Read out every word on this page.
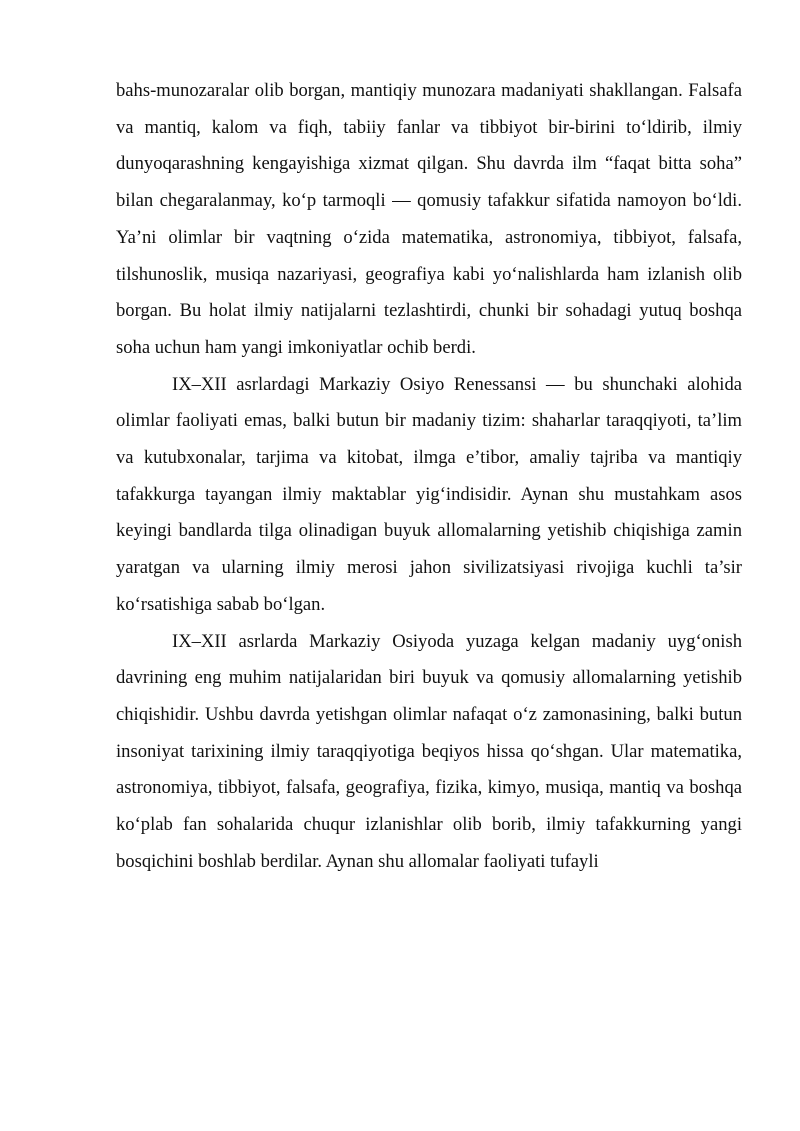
bahs-munozaralar olib borgan, mantiqiy munozara madaniyati shakllangan. Falsafa va mantiq, kalom va fiqh, tabiiy fanlar va tibbiyot bir-birini to‘ldirib, ilmiy dunyoqarashning kengayishiga xizmat qilgan. Shu davrda ilm “faqat bitta soha” bilan chegaralanmay, ko‘p tarmoqli — qomusiy tafakkur sifatida namoyon bo‘ldi. Ya’ni olimlar bir vaqtning o‘zida matematika, astronomiya, tibbiyot, falsafa, tilshunoslik, musiqa nazariyasi, geografiya kabi yo‘nalishlarda ham izlanish olib borgan. Bu holat ilmiy natijalarni tezlashtirdi, chunki bir sohadagi yutuq boshqa soha uchun ham yangi imkoniyatlar ochib berdi.

IX–XII asrlardagi Markaziy Osiyo Renessansi — bu shunchaki alohida olimlar faoliyati emas, balki butun bir madaniy tizim: shaharlar taraqqiyoti, ta’lim va kutubxonalar, tarjima va kitobat, ilmga e’tibor, amaliy tajriba va mantiqiy tafakkurga tayangan ilmiy maktablar yig‘indisidir. Aynan shu mustahkam asos keyingi bandlarda tilga olinadigan buyuk allomalarning yetishib chiqishiga zamin yaratgan va ularning ilmiy merosi jahon sivilizatsiyasi rivojiga kuchli ta’sir ko‘rsatishiga sabab bo‘lgan.

IX–XII asrlarda Markaziy Osiyoda yuzaga kelgan madaniy uyg‘onish davrining eng muhim natijalaridan biri buyuk va qomusiy allomalarning yetishib chiqishidir. Ushbu davrda yetishgan olimlar nafaqat o‘z zamonasining, balki butun insoniyat tarixining ilmiy taraqqiyotiga beqiyos hissa qo‘shgan. Ular matematika, astronomiya, tibbiyot, falsafa, geografiya, fizika, kimyo, musiqa, mantiq va boshqa ko‘plab fan sohalarida chuqur izlanishlar olib borib, ilmiy tafakkurning yangi bosqichini boshlab berdilar. Aynan shu allomalar faoliyati tufayli
